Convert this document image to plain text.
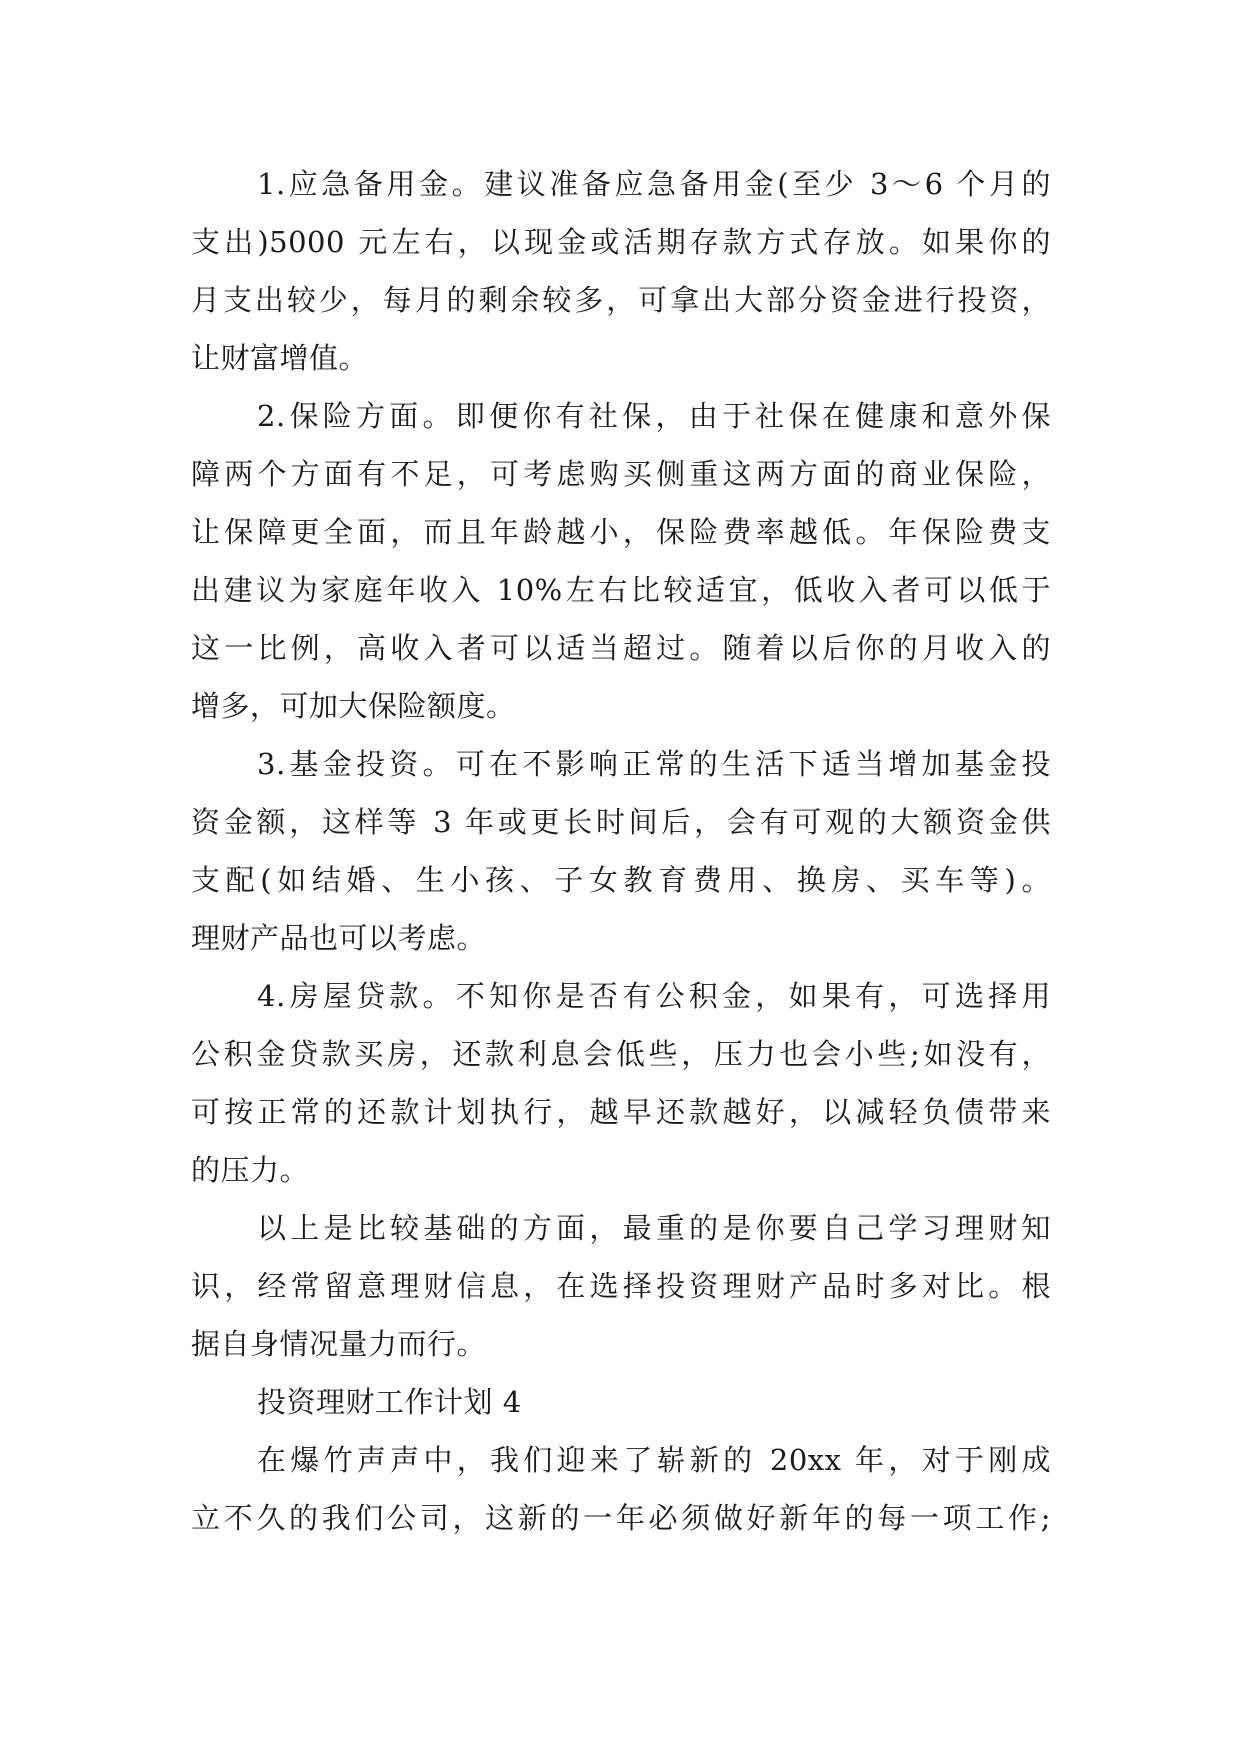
1.应急备用金。建议准备应急备用金(至少 3～6 个月的
支出)5000 元左右，以现金或活期存款方式存放。如果你的
月支出较少，每月的剩余较多，可拿出大部分资金进行投资，
让财富增值。
2.保险方面。即便你有社保，由于社保在健康和意外保
障两个方面有不足，可考虑购买侧重这两方面的商业保险，
让保障更全面，而且年龄越小，保险费率越低。年保险费支
出建议为家庭年收入 10%左右比较适宜，低收入者可以低于
这一比例，高收入者可以适当超过。随着以后你的月收入的
增多，可加大保险额度。
3.基金投资。可在不影响正常的生活下适当增加基金投
资金额，这样等 3 年或更长时间后，会有可观的大额资金供
支配(如结婚、生小孩、子女教育费用、换房、买车等)。
理财产品也可以考虑。
4.房屋贷款。不知你是否有公积金，如果有，可选择用
公积金贷款买房，还款利息会低些，压力也会小些;如没有，
可按正常的还款计划执行，越早还款越好，以减轻负债带来
的压力。
以上是比较基础的方面，最重的是你要自己学习理财知
识，经常留意理财信息，在选择投资理财产品时多对比。根
据自身情况量力而行。
投资理财工作计划 4
在爆竹声声中，我们迎来了崭新的 20xx 年，对于刚成
立不久的我们公司，这新的一年必须做好新年的每一项工作;
